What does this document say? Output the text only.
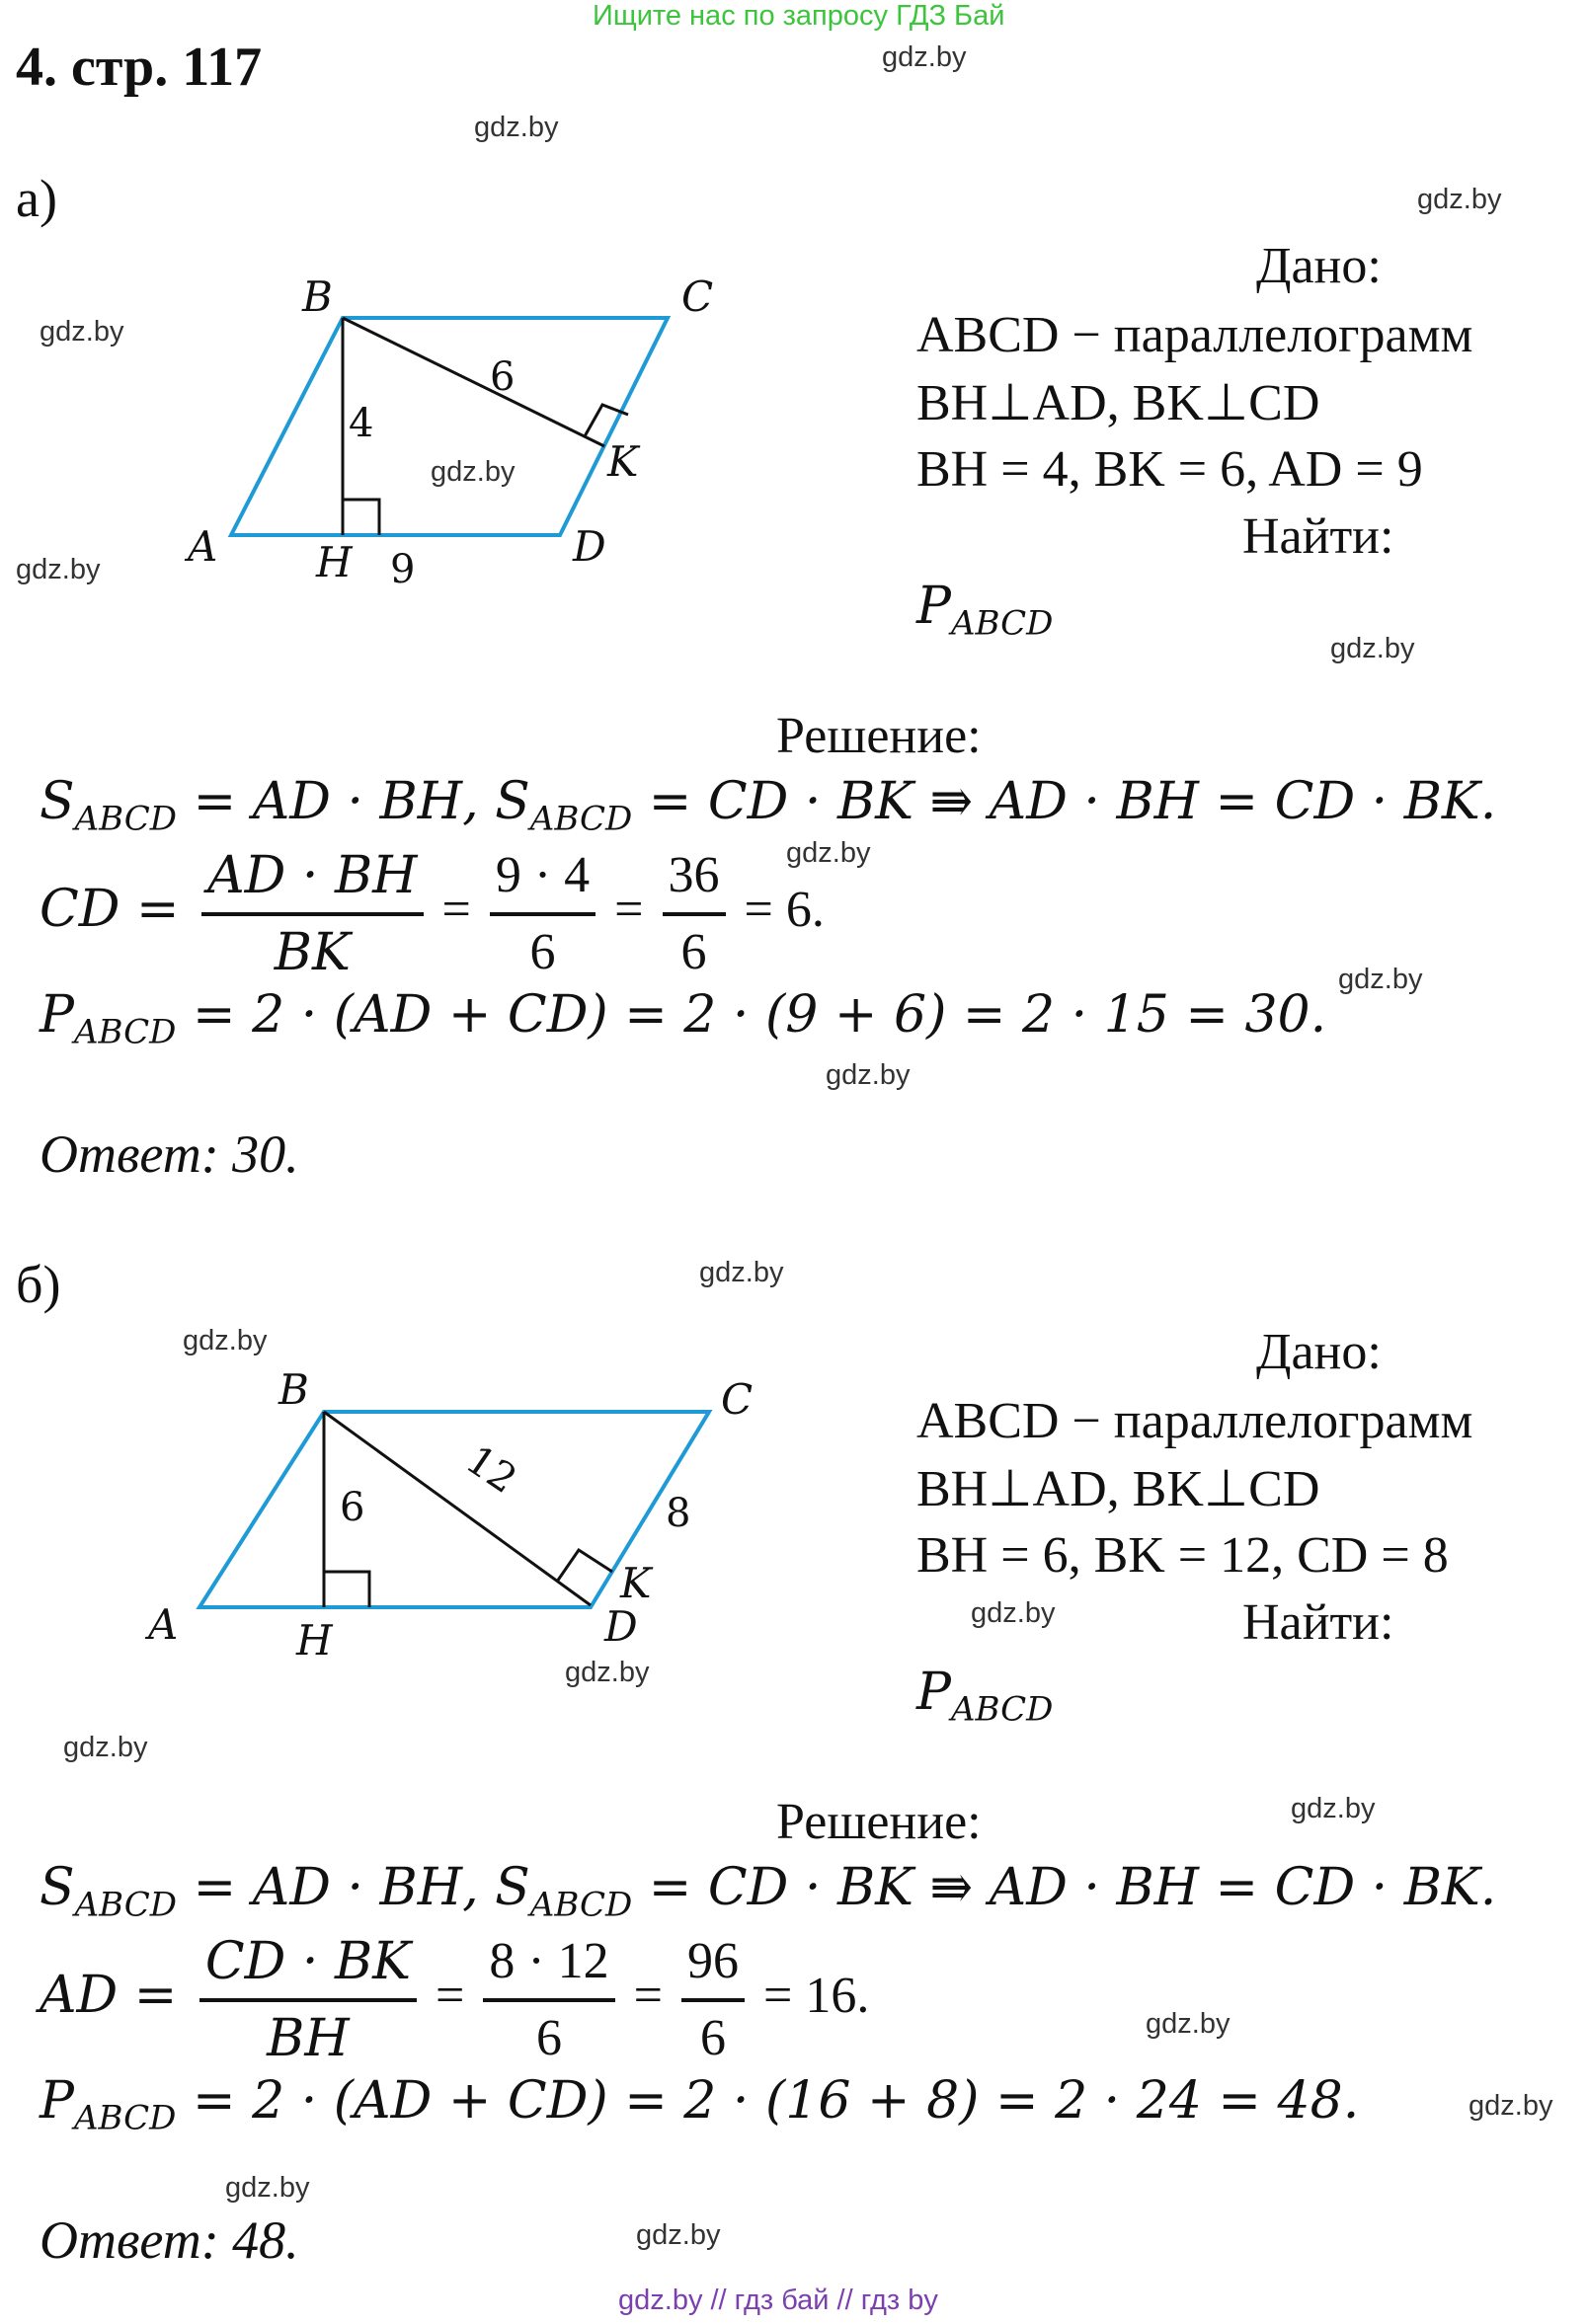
Ищите нас по запросу ГДЗ Бай
4. стр. 117	gdz.by
gdz.by
gdz.by
gdz.by
gdz.by
gdz.by
gdz.by
gdz.by
gdz.by
gdz.by
gdz.by
gdz.by
gdz.by
gdz.by
gdz.by
gdz.by
gdz.by
gdz.by
gdz.by
gdz.by
а)
B	C
A	D
H
K
6
4
9
Дано:
ABCD − параллелограмм
BH⊥AD, BK⊥CD
BH = 4, BK = 6, AD = 9
Найти:
$P_{ABCD}$
Решение:
$S_{ABCD}$ = AD · BH, $S_{ABCD}$ = CD · BK ⇛ AD · BH = CD · BK.
CD = $\frac{AD \cdot BH}{BK} = \frac{9 \cdot 4}{6} = \frac{36}{6} = 6$.
$P_{ABCD} = 2 \cdot (AD + CD) = 2 \cdot (9 + 6) = 2 \cdot 15 = 30$.
Ответ: 30.
б)
B	C
A	D
H
K
12
6	8
Дано:
ABCD − параллелограмм
BH⊥AD, BK⊥CD
BH = 6, BK = 12, CD = 8
Найти:
$P_{ABCD}$
Решение:
$S_{ABCD}$ = AD · BH, $S_{ABCD}$ = CD · BK ⇛ AD · BH = CD · BK.
AD = $\frac{CD \cdot BK}{BH} = \frac{8 \cdot 12}{6} = \frac{96}{6} = 16$.
$P_{ABCD} = 2 \cdot (AD + CD) = 2 \cdot (16 + 8) = 2 \cdot 24 = 48$.
Ответ: 48.
gdz.by // гдз бай // гдз by
